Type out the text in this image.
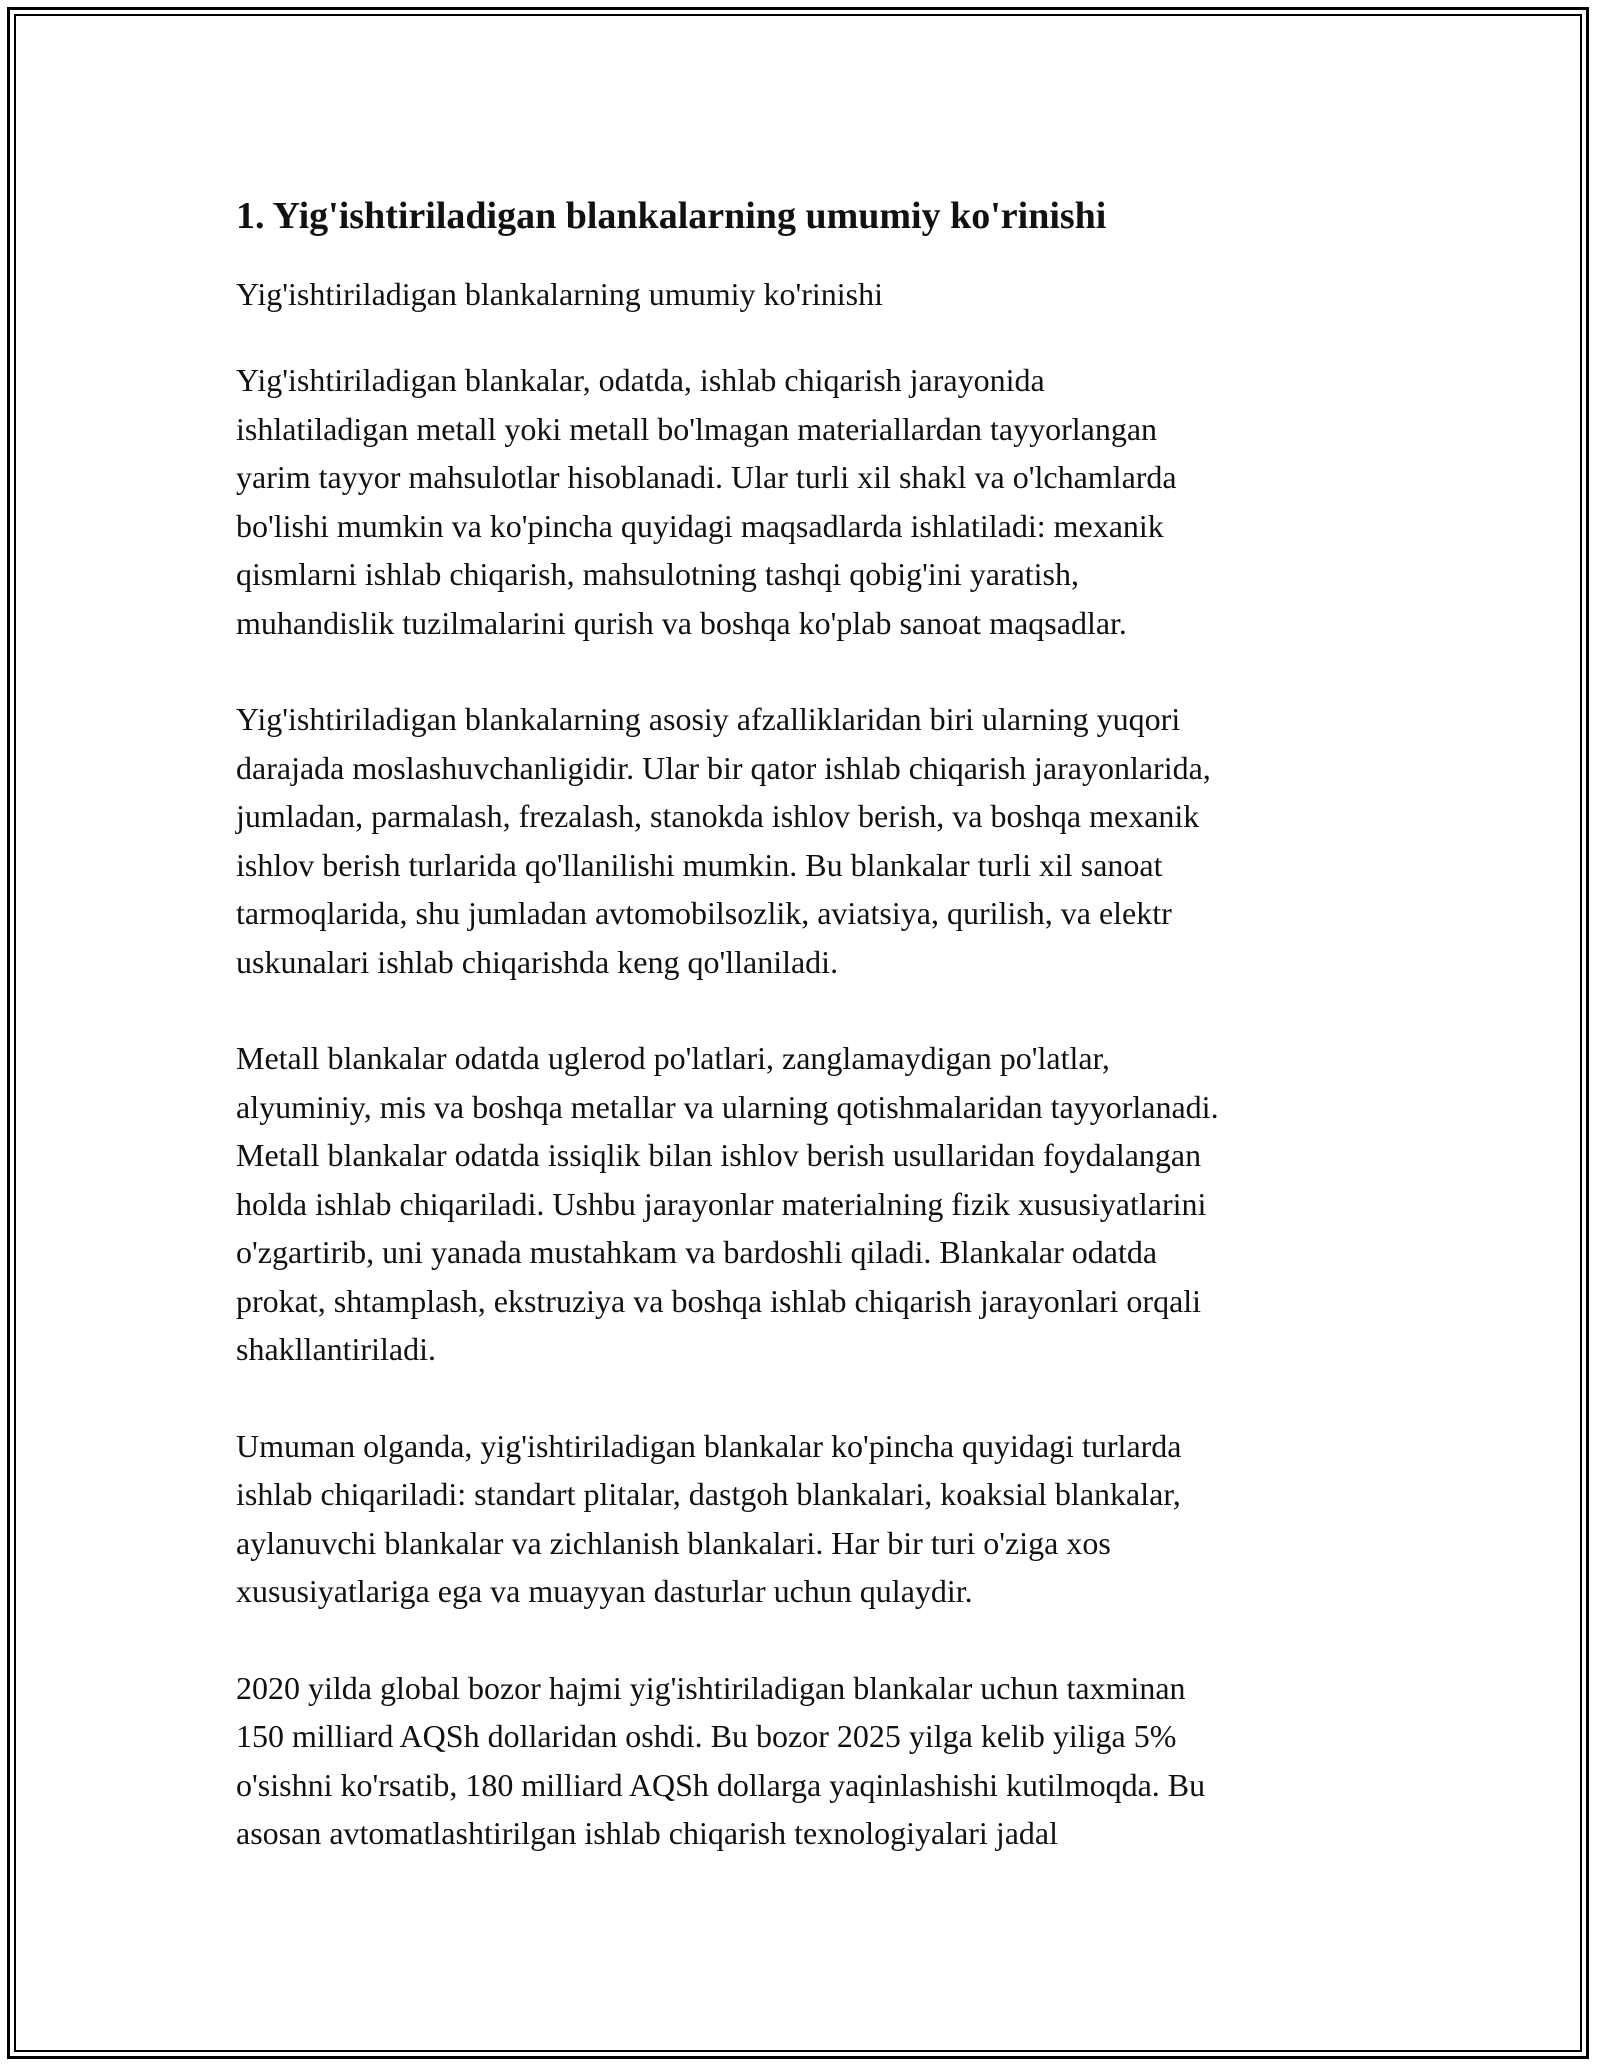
1. Yig'ishtiriladigan blankalarning umumiy ko'rinishi

Yig'ishtiriladigan blankalarning umumiy ko'rinishi

Yig'ishtiriladigan blankalar, odatda, ishlab chiqarish jarayonida
ishlatiladigan metall yoki metall bo'lmagan materiallardan tayyorlangan
yarim tayyor mahsulotlar hisoblanadi. Ular turli xil shakl va o'lchamlarda
bo'lishi mumkin va ko'pincha quyidagi maqsadlarda ishlatiladi: mexanik
qismlarni ishlab chiqarish, mahsulotning tashqi qobig'ini yaratish,
muhandislik tuzilmalarini qurish va boshqa ko'plab sanoat maqsadlar.
Yig'ishtiriladigan blankalarning asosiy afzalliklaridan biri ularning yuqori
darajada moslashuvchanligidir. Ular bir qator ishlab chiqarish jarayonlarida,
jumladan, parmalash, frezalash, stanokda ishlov berish, va boshqa mexanik
ishlov berish turlarida qo'llanilishi mumkin. Bu blankalar turli xil sanoat
tarmoqlarida, shu jumladan avtomobilsozlik, aviatsiya, qurilish, va elektr
uskunalari ishlab chiqarishda keng qo'llaniladi.
Metall blankalar odatda uglerod po'latlari, zanglamaydigan po'latlar,
alyuminiy, mis va boshqa metallar va ularning qotishmalaridan tayyorlanadi.
Metall blankalar odatda issiqlik bilan ishlov berish usullaridan foydalangan
holda ishlab chiqariladi. Ushbu jarayonlar materialning fizik xususiyatlarini
o'zgartirib, uni yanada mustahkam va bardoshli qiladi. Blankalar odatda
prokat, shtamplash, ekstruziya va boshqa ishlab chiqarish jarayonlari orqali
shakllantiriladi.
Umuman olganda, yig'ishtiriladigan blankalar ko'pincha quyidagi turlarda
ishlab chiqariladi: standart plitalar, dastgoh blankalari, koaksial blankalar,
aylanuvchi blankalar va zichlanish blankalari. Har bir turi o'ziga xos
xususiyatlariga ega va muayyan dasturlar uchun qulaydir.
2020 yilda global bozor hajmi yig'ishtiriladigan blankalar uchun taxminan
150 milliard AQSh dollaridan oshdi. Bu bozor 2025 yilga kelib yiliga 5%
o'sishni ko'rsatib, 180 milliard AQSh dollarga yaqinlashishi kutilmoqda. Bu
asosan avtomatlashtirilgan ishlab chiqarish texnologiyalari jadal
